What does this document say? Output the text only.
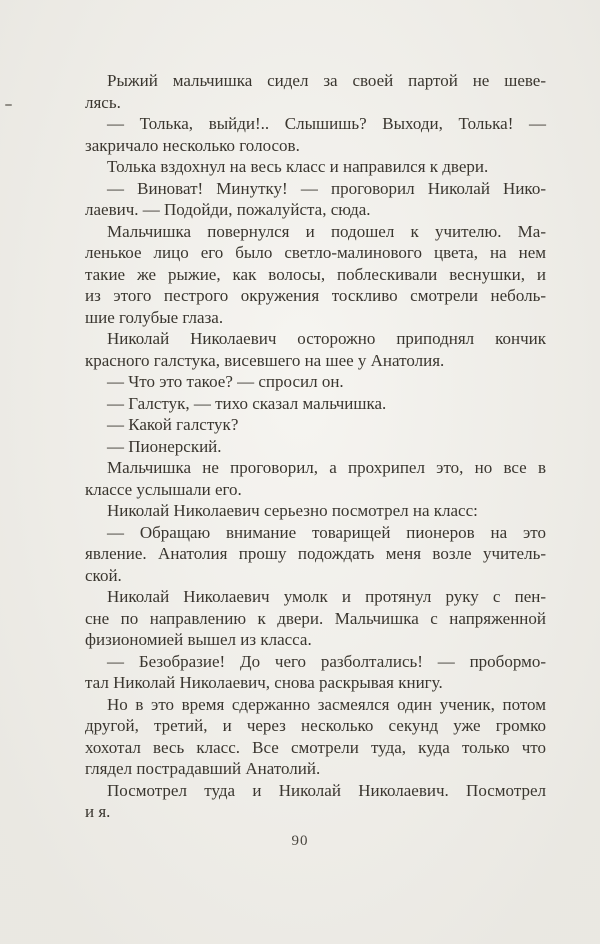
Рыжий мальчишка сидел за своей партой не шеве-
лясь.
— Толька, выйди!.. Слышишь? Выходи, Толька! —
закричало несколько голосов.
Толька вздохнул на весь класс и направился к двери.
— Виноват! Минутку! — проговорил Николай Нико-
лаевич. — Подойди, пожалуйста, сюда.
Мальчишка повернулся и подошел к учителю. Ма-
ленькое лицо его было светло-малинового цвета, на нем
такие же рыжие, как волосы, поблескивали веснушки, и
из этого пестрого окружения тоскливо смотрели неболь-
шие голубые глаза.
Николай Николаевич осторожно приподнял кончик
красного галстука, висевшего на шее у Анатолия.
— Что это такое? — спросил он.
— Галстук, — тихо сказал мальчишка.
— Какой галстук?
— Пионерский.
Мальчишка не проговорил, а прохрипел это, но все в
классе услышали его.
Николай Николаевич серьезно посмотрел на класс:
— Обращаю внимание товарищей пионеров на это
явление. Анатолия прошу подождать меня возле учитель-
ской.
Николай Николаевич умолк и протянул руку с пен-
сне по направлению к двери. Мальчишка с напряженной
физиономией вышел из класса.
— Безобразие! До чего разболтались! — пробормо-
тал Николай Николаевич, снова раскрывая книгу.
Но в это время сдержанно засмеялся один ученик, потом
другой, третий, и через несколько секунд уже громко
хохотал весь класс. Все смотрели туда, куда только что
глядел пострадавший Анатолий.
Посмотрел туда и Николай Николаевич. Посмотрел
и я.
90
